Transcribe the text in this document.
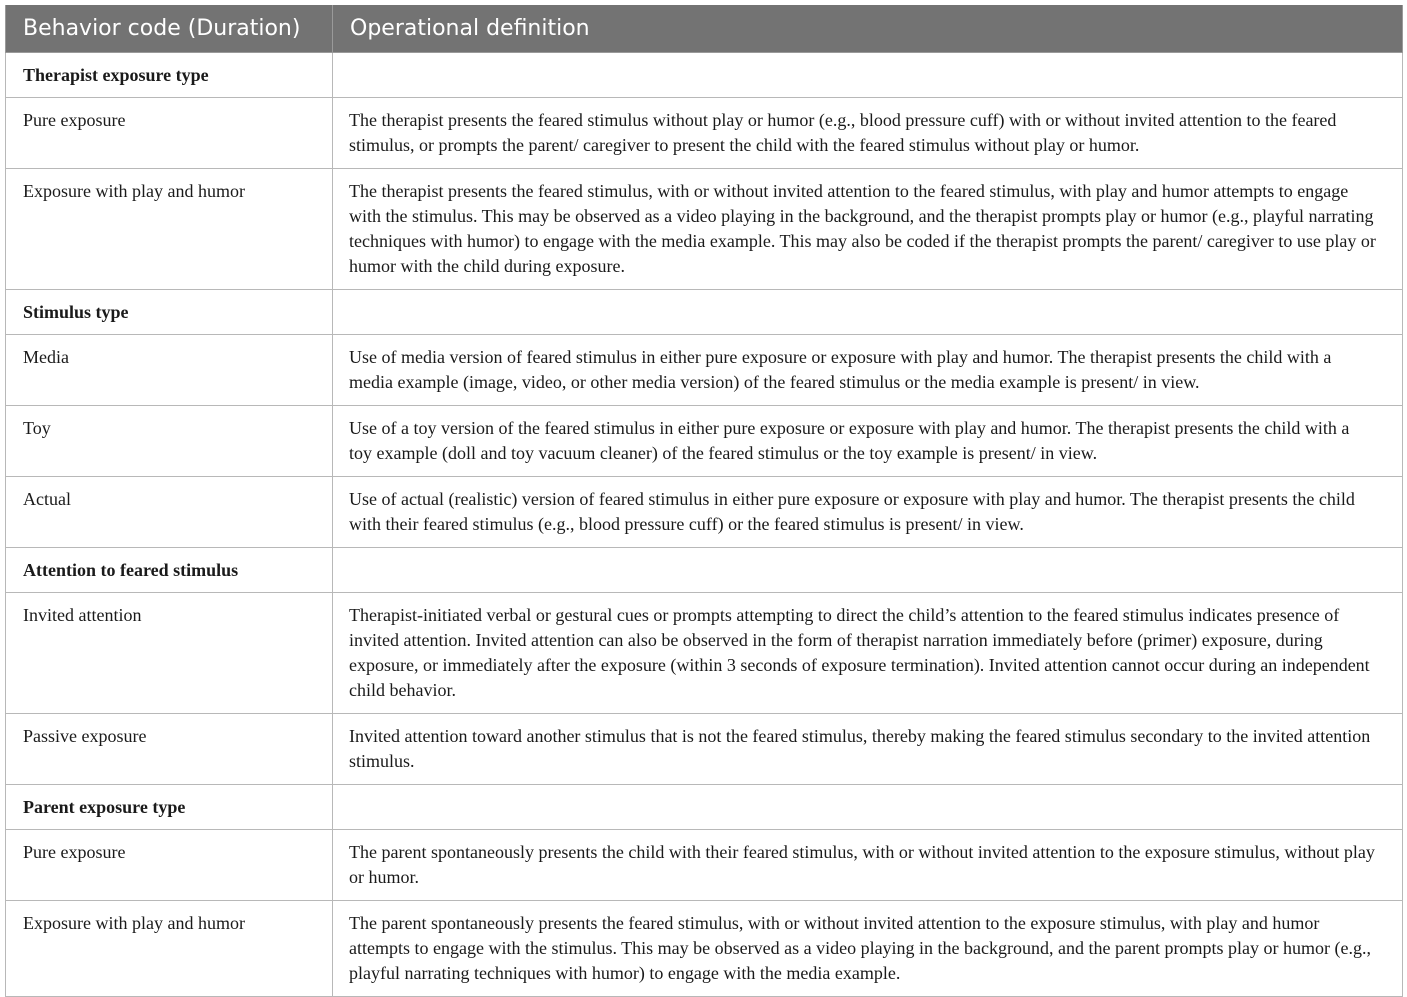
Behavior code (Duration)	Operational definition
Therapist exposure type	
Pure exposure	The therapist presents the feared stimulus without play or humor (e.g., blood pressure cuff) with or without invited attention to the feared stimulus, or prompts the parent/ caregiver to present the child with the feared stimulus without play or humor.
Exposure with play and humor	The therapist presents the feared stimulus, with or without invited attention to the feared stimulus, with play and humor attempts to engage with the stimulus. This may be observed as a video playing in the background, and the therapist prompts play or humor (e.g., playful narrating techniques with humor) to engage with the media example. This may also be coded if the therapist prompts the parent/ caregiver to use play or humor with the child during exposure.
Stimulus type	
Media	Use of media version of feared stimulus in either pure exposure or exposure with play and humor. The therapist presents the child with a media example (image, video, or other media version) of the feared stimulus or the media example is present/ in view.
Toy	Use of a toy version of the feared stimulus in either pure exposure or exposure with play and humor. The therapist presents the child with a toy example (doll and toy vacuum cleaner) of the feared stimulus or the toy example is present/ in view.
Actual	Use of actual (realistic) version of feared stimulus in either pure exposure or exposure with play and humor. The therapist presents the child with their feared stimulus (e.g., blood pressure cuff) or the feared stimulus is present/ in view.
Attention to feared stimulus	
Invited attention	Therapist-initiated verbal or gestural cues or prompts attempting to direct the child’s attention to the feared stimulus indicates presence of invited attention. Invited attention can also be observed in the form of therapist narration immediately before (primer) exposure, during exposure, or immediately after the exposure (within 3 seconds of exposure termination). Invited attention cannot occur during an independent child behavior.
Passive exposure	Invited attention toward another stimulus that is not the feared stimulus, thereby making the feared stimulus secondary to the invited attention stimulus.
Parent exposure type	
Pure exposure	The parent spontaneously presents the child with their feared stimulus, with or without invited attention to the exposure stimulus, without play or humor.
Exposure with play and humor	The parent spontaneously presents the feared stimulus, with or without invited attention to the exposure stimulus, with play and humor attempts to engage with the stimulus. This may be observed as a video playing in the background, and the parent prompts play or humor (e.g., playful narrating techniques with humor) to engage with the media example.
